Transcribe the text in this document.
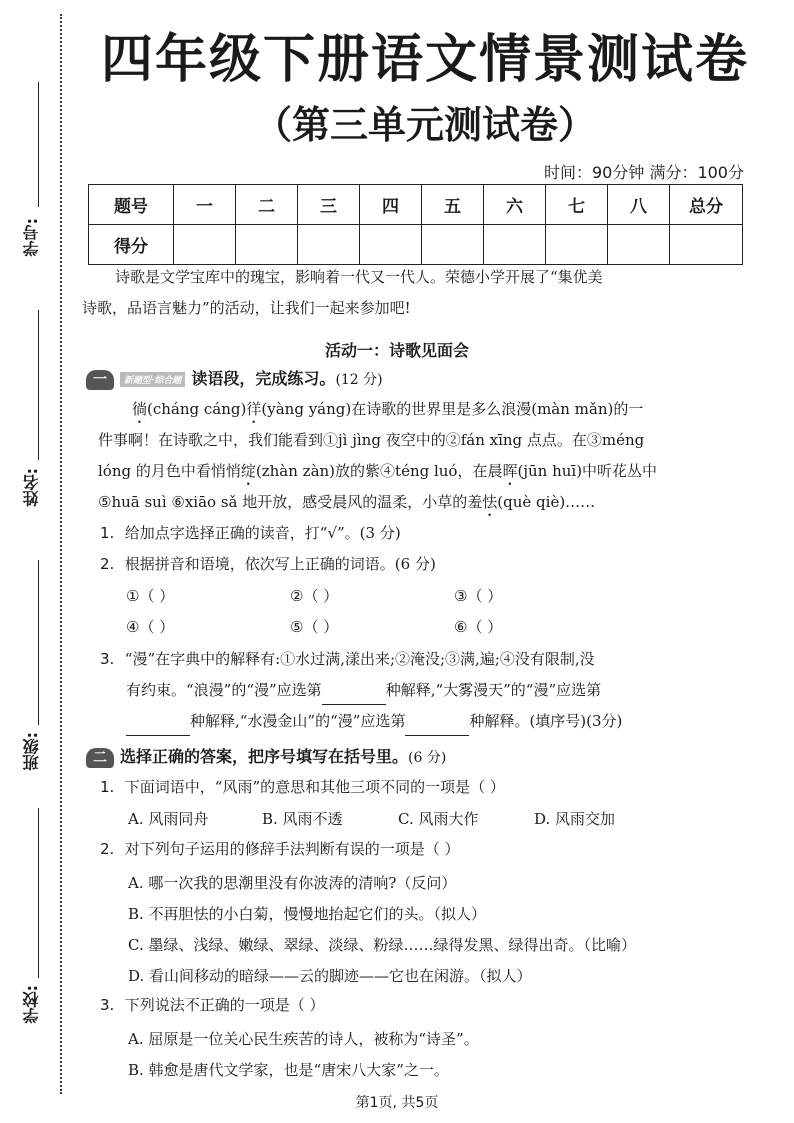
学号:
姓名:
班级:
学校:
四年级下册语文情景测试卷
（第三单元测试卷）
时间：90分钟 满分：100分
题号	一	二	三	四	五	六	七	八	总分
得分									
诗歌是文学宝库中的瑰宝，影响着一代又一代人。荣德小学开展了“集优美
诗歌，品语言魅力”的活动，让我们一起来参加吧!
活动一：诗歌见面会
一 新题型·综合题 读语段，完成练习。(12 分)
徜(cháng cáng)徉(yàng yáng)在诗歌的世界里是多么浪漫(màn mǎn)的一
件事啊！在诗歌之中，我们能看到①jì jìng 夜空中的②fán xīng 点点。在③méng
lóng 的月色中看悄悄绽(zhàn zàn)放的紫④téng luó，在晨晖(jūn huī)中听花丛中
⑤huā suì ⑥xiāo sǎ 地开放，感受晨风的温柔，小草的羞怯(què qiè)……
1. 给加点字选择正确的读音，打“√”。(3 分)
2. 根据拼音和语境，依次写上正确的词语。(6 分)
①（ ）	②（ ）	③（ ）
④（ ）	⑤（ ）	⑥（ ）
3. “漫”在字典中的解释有:①水过满,漾出来;②淹没;③满,遍;④没有限制,没
有约束。“浪漫”的“漫”应选第	种解释,“大雾漫天”的“漫”应选第
种解释,“水漫金山”的“漫”应选第	种解释。(填序号)(3分)
二 选择正确的答案，把序号填写在括号里。(6 分)
1. 下面词语中，“风雨”的意思和其他三项不同的一项是（ ）
A. 风雨同舟	B. 风雨不透	C. 风雨大作	D. 风雨交加
2. 对下列句子运用的修辞手法判断有误的一项是（ ）
A. 哪一次我的思潮里没有你波涛的清响?（反问）
B. 不再胆怯的小白菊，慢慢地抬起它们的头。（拟人）
C. 墨绿、浅绿、嫩绿、翠绿、淡绿、粉绿……绿得发黑、绿得出奇。（比喻）
D. 看山间移动的暗绿——云的脚迹——它也在闲游。（拟人）
3. 下列说法不正确的一项是（ ）
A. 屈原是一位关心民生疾苦的诗人，被称为“诗圣”。
B. 韩愈是唐代文学家，也是“唐宋八大家”之一。
第1页, 共5页
